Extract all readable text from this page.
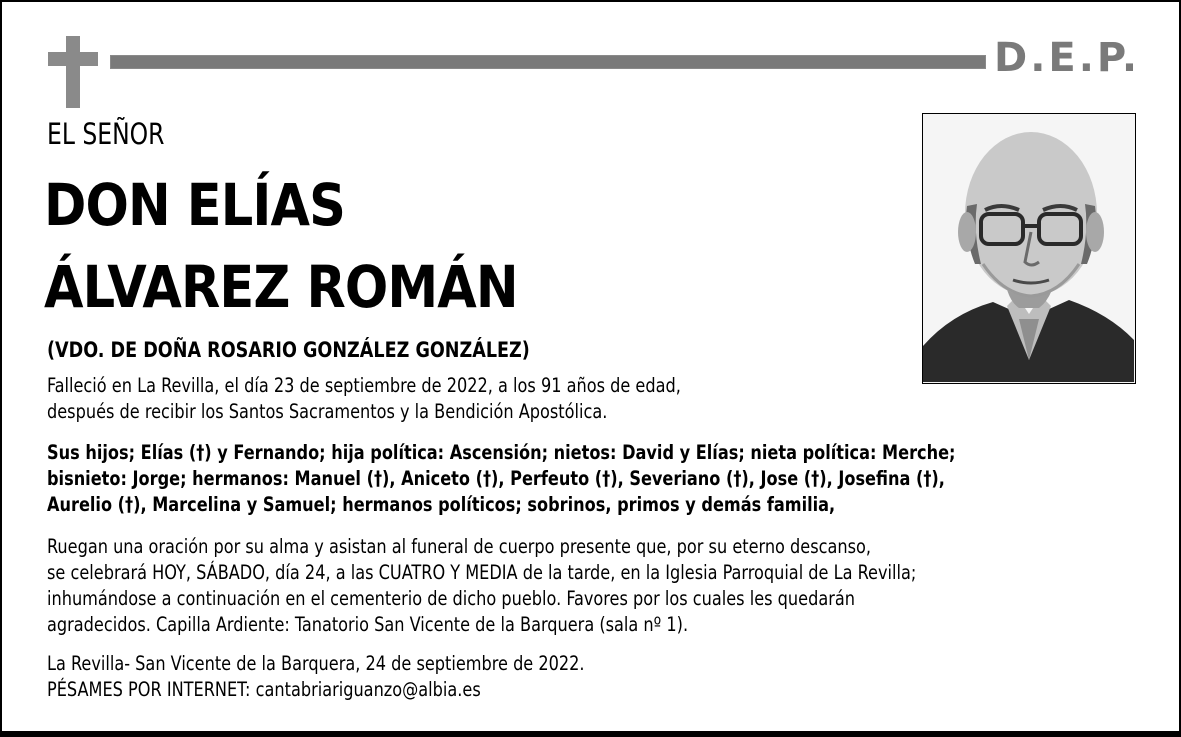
D.E.P.
EL SEÑOR
DON ELÍAS
ÁLVAREZ ROMÁN
(VDO. DE DOÑA ROSARIO GONZÁLEZ GONZÁLEZ)
Falleció en La Revilla, el día 23 de septiembre de 2022, a los 91 años de edad,
después de recibir los Santos Sacramentos y la Bendición Apostólica.
Sus hijos; Elías (†) y Fernando; hija política: Ascensión; nietos: David y Elías; nieta política: Merche;
bisnieto: Jorge; hermanos: Manuel (†), Aniceto (†), Perfeuto (†), Severiano (†), Jose (†), Josefina (†),
Aurelio (†), Marcelina y Samuel; hermanos políticos; sobrinos, primos y demás familia,
Ruegan una oración por su alma y asistan al funeral de cuerpo presente que, por su eterno descanso,
se celebrará HOY, SÁBADO, día 24, a las CUATRO Y MEDIA de la tarde, en la Iglesia Parroquial de La Revilla;
inhumándose a continuación en el cementerio de dicho pueblo. Favores por los cuales les quedarán
agradecidos. Capilla Ardiente: Tanatorio San Vicente de la Barquera (sala nº 1).
La Revilla- San Vicente de la Barquera, 24 de septiembre de 2022.
PÉSAMES POR INTERNET: cantabriariguanzo@albia.es
